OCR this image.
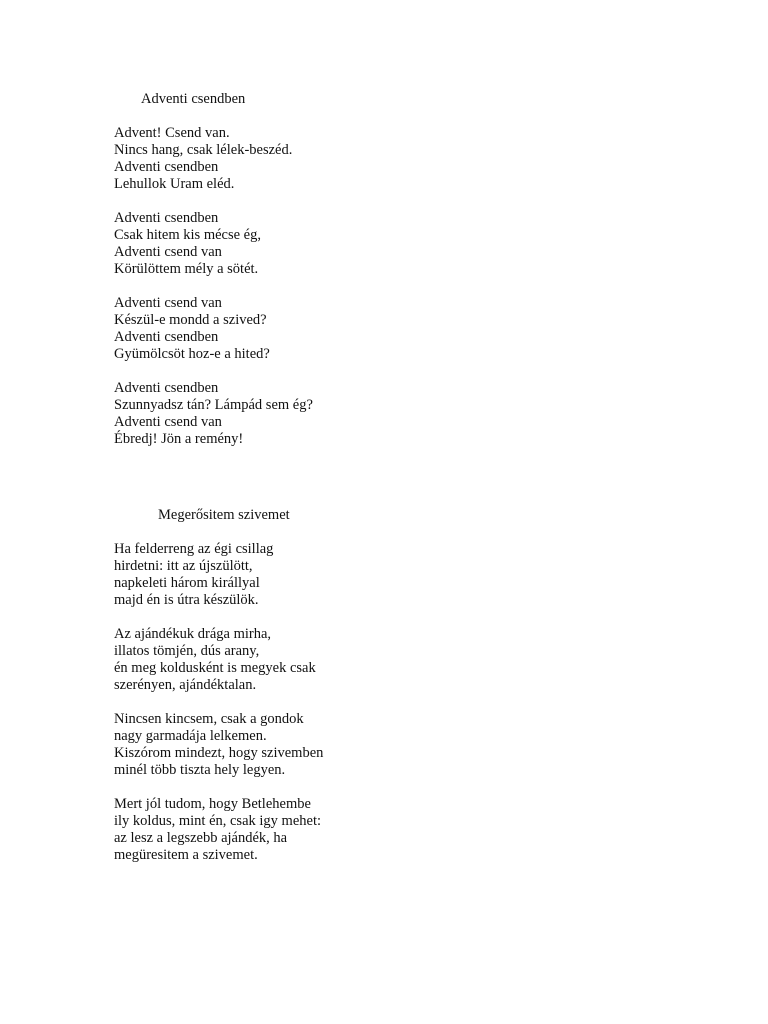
Adventi csendben
Advent! Csend van.
Nincs hang, csak lélek-beszéd.
Adventi csendben
Lehullok Uram eléd.
Adventi csendben
Csak hitem kis mécse ég,
Adventi csend van
Körülöttem mély a sötét.
Adventi csend van
Készül-e mondd a szived?
Adventi csendben
Gyümölcsöt hoz-e a hited?
Adventi csendben
Szunnyadsz tán? Lámpád sem ég?
Adventi csend van
Ébredj! Jön a remény!
Megerősitem szivemet
Ha felderreng az égi csillag
hirdetni: itt az újszülött,
napkeleti három királlyal
majd én is útra készülök.
Az ajándékuk drága mirha,
illatos tömjén, dús arany,
én meg koldusként is megyek csak
szerényen, ajándéktalan.
Nincsen kincsem, csak a gondok
nagy garmadája lelkemen.
Kiszórom mindezt, hogy szivemben
minél több tiszta hely legyen.
Mert jól tudom, hogy Betlehembe
ily koldus, mint én, csak igy mehet:
az lesz a legszebb ajándék, ha
megüresitem a szivemet.
